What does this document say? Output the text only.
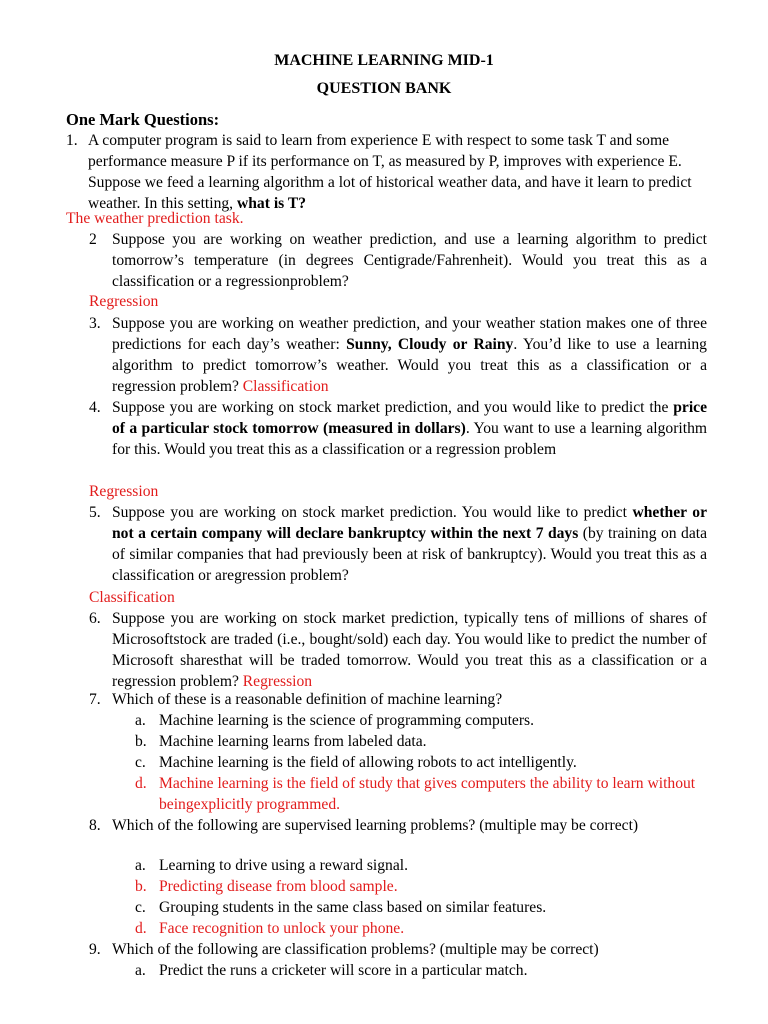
MACHINE LEARNING MID-1
QUESTION BANK
One Mark Questions:
1. A computer program is said to learn from experience E with respect to some task T and some performance measure P if its performance on T, as measured by P, improves with experience E. Suppose we feed a learning algorithm a lot of historical weather data, and have it learn to predict weather. In this setting, what is T?
The weather prediction task.
2 Suppose you are working on weather prediction, and use a learning algorithm to predict tomorrow’s temperature (in degrees Centigrade/Fahrenheit). Would you treat this as a classification or a regressionproblem?
Regression
3. Suppose you are working on weather prediction, and your weather station makes one of three predictions for each day’s weather: Sunny, Cloudy or Rainy. You’d like to use a learning algorithm to predict tomorrow’s weather. Would you treat this as a classification or a regression problem? Classification
4. Suppose you are working on stock market prediction, and you would like to predict the price of a particular stock tomorrow (measured in dollars). You want to use a learning algorithm for this. Would you treat this as a classification or a regression problem
Regression
5. Suppose you are working on stock market prediction. You would like to predict whether or not a certain company will declare bankruptcy within the next 7 days (by training on data of similar companies that had previously been at risk of bankruptcy). Would you treat this as a classification or aregression problem?
Classification
6. Suppose you are working on stock market prediction, typically tens of millions of shares of Microsoftstock are traded (i.e., bought/sold) each day. You would like to predict the number of Microsoft sharesthat will be traded tomorrow. Would you treat this as a classification or a regression problem? Regression
7. Which of these is a reasonable definition of machine learning?
a. Machine learning is the science of programming computers.
b. Machine learning learns from labeled data.
c. Machine learning is the field of allowing robots to act intelligently.
d. Machine learning is the field of study that gives computers the ability to learn without beingexplicitly programmed.
8. Which of the following are supervised learning problems? (multiple may be correct)
a. Learning to drive using a reward signal.
b. Predicting disease from blood sample.
c. Grouping students in the same class based on similar features.
d. Face recognition to unlock your phone.
9. Which of the following are classification problems? (multiple may be correct)
a. Predict the runs a cricketer will score in a particular match.
